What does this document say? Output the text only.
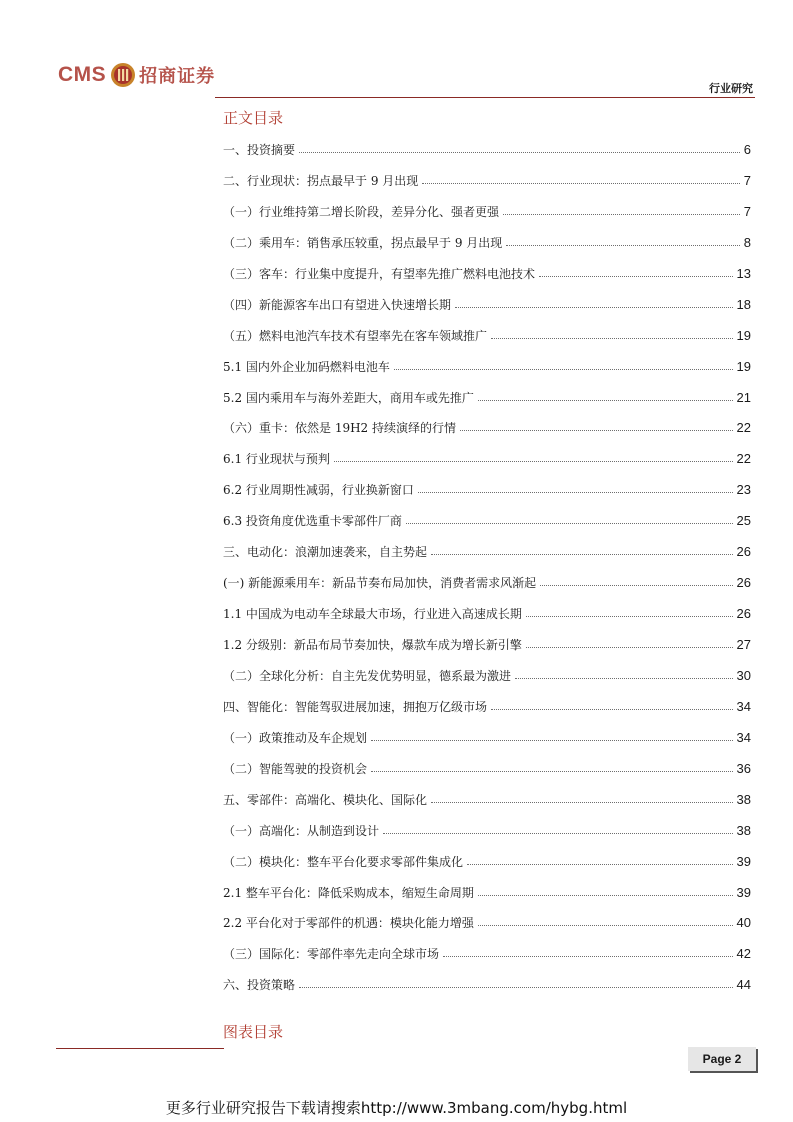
CMS 招商证券
行业研究
正文目录
一、投资摘要	6
二、行业现状：拐点最早于 9 月出现	7
（一）行业维持第二增长阶段，差异分化、强者更强	7
（二）乘用车：销售承压较重，拐点最早于 9 月出现	8
（三）客车：行业集中度提升，有望率先推广燃料电池技术	13
（四）新能源客车出口有望进入快速增长期	18
（五）燃料电池汽车技术有望率先在客车领域推广	19
5.1 国内外企业加码燃料电池车	19
5.2 国内乘用车与海外差距大，商用车或先推广	21
（六）重卡：依然是 19H2 持续演绎的行情	22
6.1 行业现状与预判	22
6.2 行业周期性减弱，行业换新窗口	23
6.3 投资角度优选重卡零部件厂商	25
三、电动化：浪潮加速袭来，自主势起	26
(一) 新能源乘用车：新品节奏布局加快，消费者需求风渐起	26
1.1 中国成为电动车全球最大市场，行业进入高速成长期	26
1.2 分级别：新品布局节奏加快，爆款车成为增长新引擎	27
（二）全球化分析：自主先发优势明显，德系最为激进	30
四、智能化：智能驾驭进展加速，拥抱万亿级市场	34
（一）政策推动及车企规划	34
（二）智能驾驶的投资机会	36
五、零部件：高端化、模块化、国际化	38
（一）高端化：从制造到设计	38
（二）模块化：整车平台化要求零部件集成化	39
2.1 整车平台化：降低采购成本，缩短生命周期	39
2.2 平台化对于零部件的机遇：模块化能力增强	40
（三）国际化：零部件率先走向全球市场	42
六、投资策略	44
图表目录
Page 2
更多行业研究报告下载请搜索http://www.3mbang.com/hybg.html
